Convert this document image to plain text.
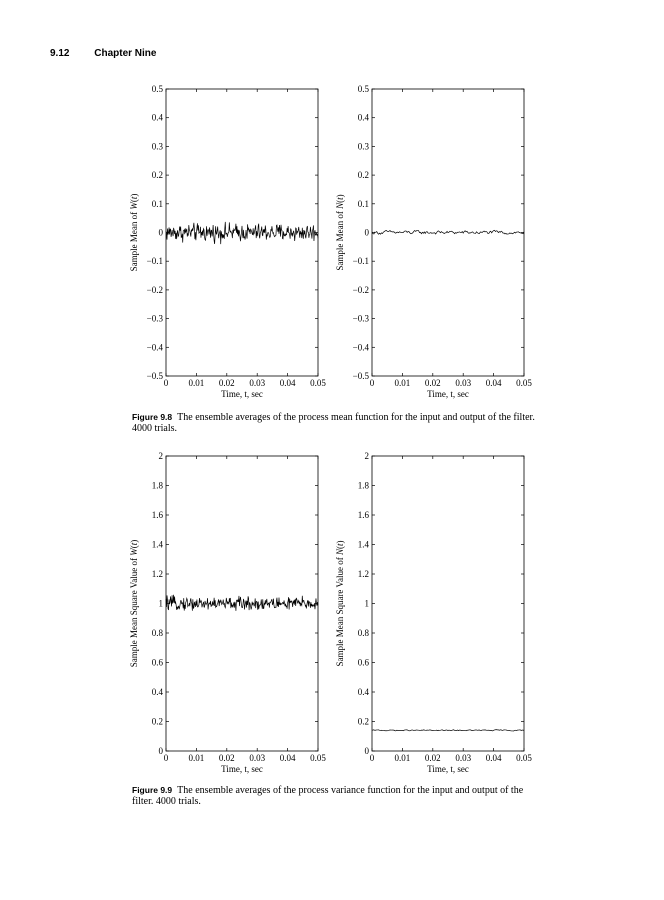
9.12 Chapter Nine
−0.5
−0.4
−0.3
−0.2
−0.1
0
0.1
0.2
0.3
0.4
0.5
0 0.01 0.02 0.03 0.04 0.05
Time, t, sec
Sample Mean of W(t)
−0.5
−0.4
−0.3
−0.2
−0.1
0
0.1
0.2
0.3
0.4
0.5
0 0.01 0.02 0.03 0.04 0.05
Time, t, sec
Sample Mean of N(t)
Figure 9.8 The ensemble averages of the process mean function for the input and output of the filter. 4000 trials.
0
0.2
0.4
0.6
0.8
1
1.2
1.4
1.6
1.8
2
0 0.01 0.02 0.03 0.04 0.05
Time, t, sec
Sample Mean Square Value of W(t)
0
0.2
0.4
0.6
0.8
1
1.2
1.4
1.6
1.8
2
0 0.01 0.02 0.03 0.04 0.05
Time, t, sec
Sample Mean Square Value of N(t)
Figure 9.9 The ensemble averages of the process variance function for the input and output of the filter. 4000 trials.
